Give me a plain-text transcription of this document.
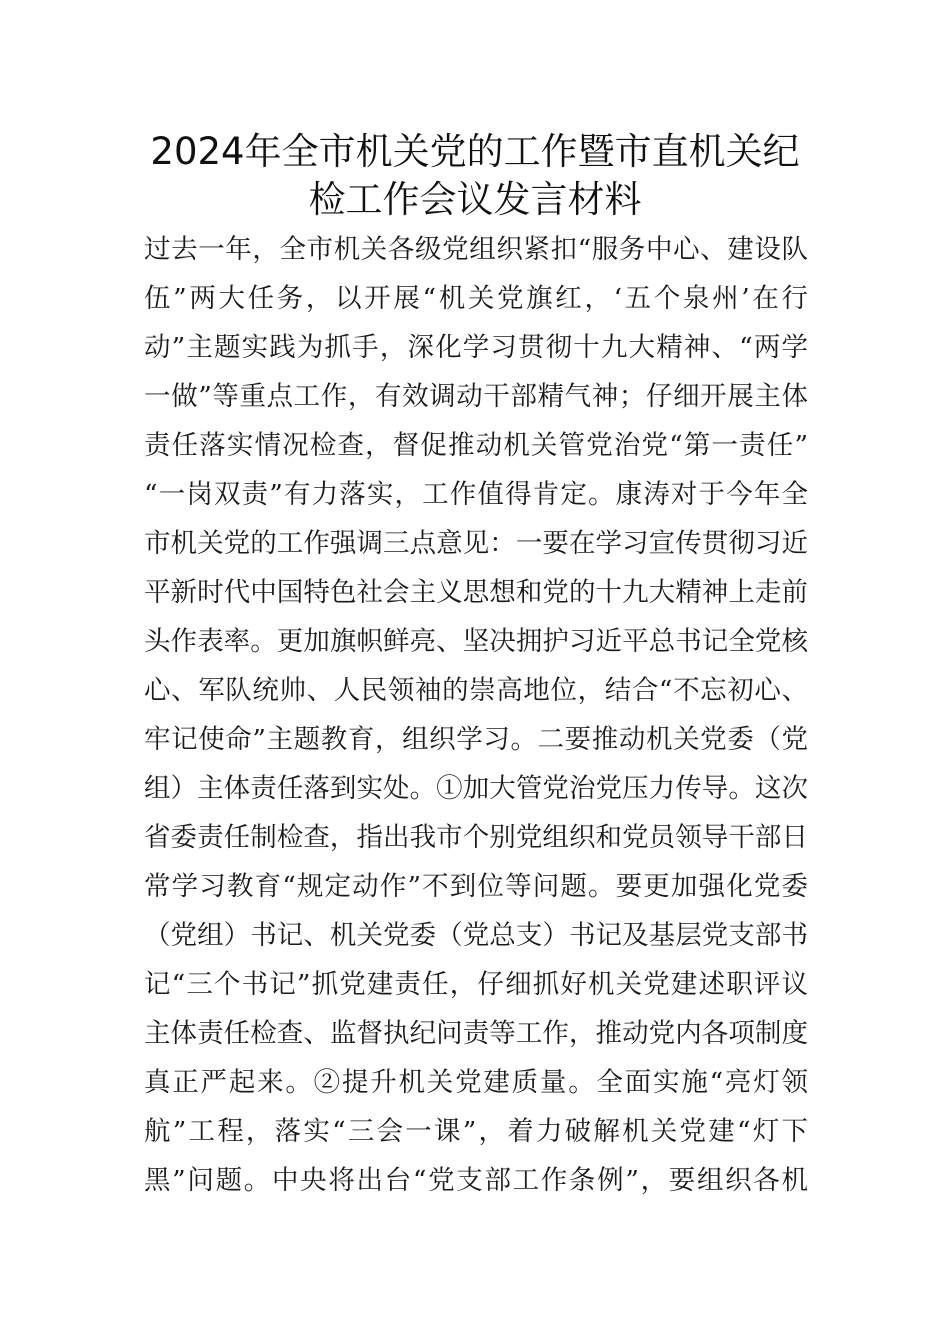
2024年全市机关党的工作暨市直机关纪
检工作会议发言材料
过去一年，全市机关各级党组织紧扣“服务中心、建设队
伍”两大任务，以开展“机关党旗红，‘五个泉州’在行
动”主题实践为抓手，深化学习贯彻十九大精神、“两学
一做”等重点工作，有效调动干部精气神；仔细开展主体
责任落实情况检查，督促推动机关管党治党“第一责任”
“一岗双责”有力落实，工作值得肯定。康涛对于今年全
市机关党的工作强调三点意见：一要在学习宣传贯彻习近
平新时代中国特色社会主义思想和党的十九大精神上走前
头作表率。更加旗帜鲜亮、坚决拥护习近平总书记全党核
心、军队统帅、人民领袖的崇高地位，结合“不忘初心、
牢记使命”主题教育，组织学习。二要推动机关党委（党
组）主体责任落到实处。①加大管党治党压力传导。这次
省委责任制检查，指出我市个别党组织和党员领导干部日
常学习教育“规定动作”不到位等问题。要更加强化党委
（党组）书记、机关党委（党总支）书记及基层党支部书
记“三个书记”抓党建责任，仔细抓好机关党建述职评议
主体责任检查、监督执纪问责等工作，推动党内各项制度
真正严起来。②提升机关党建质量。全面实施“亮灯领
航”工程，落实“三会一课”，着力破解机关党建“灯下
黑”问题。中央将出台“党支部工作条例”，要组织各机
